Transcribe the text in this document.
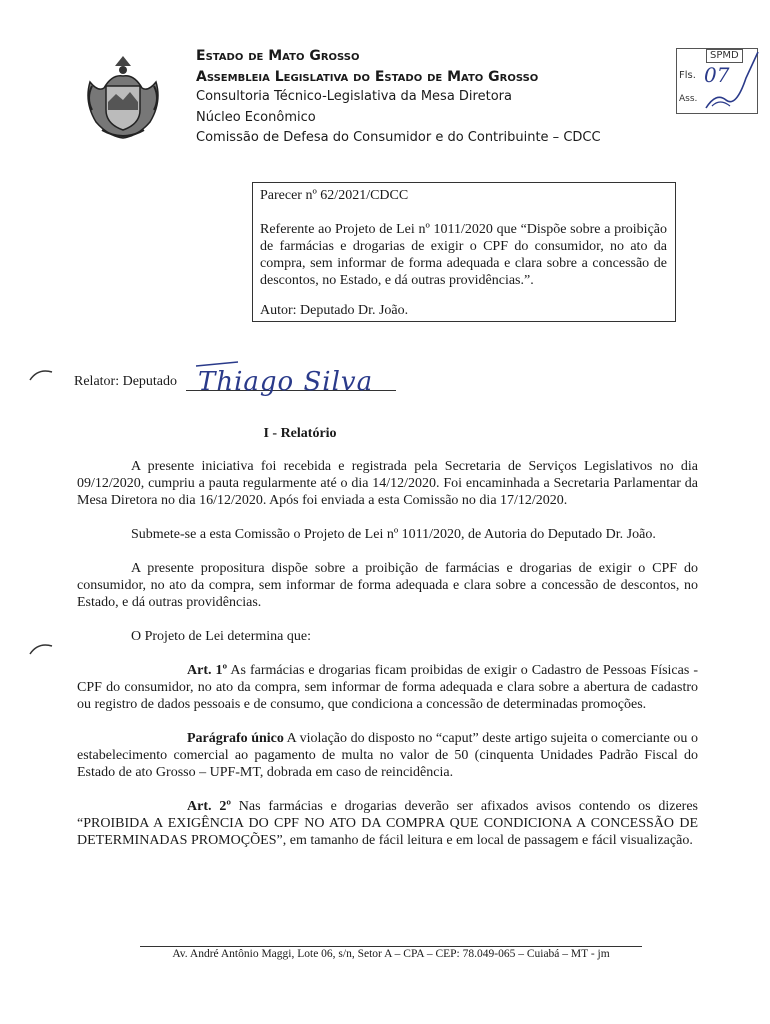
Estado de Mato Grosso
Assembleia Legislativa do Estado de Mato Grosso
Consultoria Técnico-Legislativa da Mesa Diretora
Núcleo Econômico
Comissão de Defesa do Consumidor e do Contribuinte – CDCC
SPMD
Fls.
Ass.
07

Parecer nº 62/2021/CDCC

Referente ao Projeto de Lei nº 1011/2020 que “Dispõe sobre a proibição de farmácias e drogarias de exigir o CPF do consumidor, no ato da compra, sem informar de forma adequada e clara sobre a concessão de descontos, no Estado, e dá outras providências.”.

Autor: Deputado Dr. João.

Relator: Deputado Thiago Silva
I - Relatório

A presente iniciativa foi recebida e registrada pela Secretaria de Serviços Legislativos no dia 09/12/2020, cumpriu a pauta regularmente até o dia 14/12/2020. Foi encaminhada a Secretaria Parlamentar da Mesa Diretora no dia 16/12/2020. Após foi enviada a esta Comissão no dia 17/12/2020.

Submete-se a esta Comissão o Projeto de Lei nº 1011/2020, de Autoria do Deputado Dr. João.

A presente propositura dispõe sobre a proibição de farmácias e drogarias de exigir o CPF do consumidor, no ato da compra, sem informar de forma adequada e clara sobre a concessão de descontos, no Estado, e dá outras providências.

O Projeto de Lei determina que:

Art. 1º As farmácias e drogarias ficam proibidas de exigir o Cadastro de Pessoas Físicas - CPF do consumidor, no ato da compra, sem informar de forma adequada e clara sobre a abertura de cadastro ou registro de dados pessoais e de consumo, que condiciona a concessão de determinadas promoções.

Parágrafo único A violação do disposto no “caput” deste artigo sujeita o comerciante ou o estabelecimento comercial ao pagamento de multa no valor de 50 (cinquenta Unidades Padrão Fiscal do Estado de ato Grosso – UPF-MT, dobrada em caso de reincidência.

Art. 2º Nas farmácias e drogarias deverão ser afixados avisos contendo os dizeres “PROIBIDA A EXIGÊNCIA DO CPF NO ATO DA COMPRA QUE CONDICIONA A CONCESSÃO DE DETERMINADAS PROMOÇÕES”, em tamanho de fácil leitura e em local de passagem e fácil visualização.

Av. André Antônio Maggi, Lote 06, s/n, Setor A – CPA – CEP: 78.049-065 – Cuiabá – MT - jm
